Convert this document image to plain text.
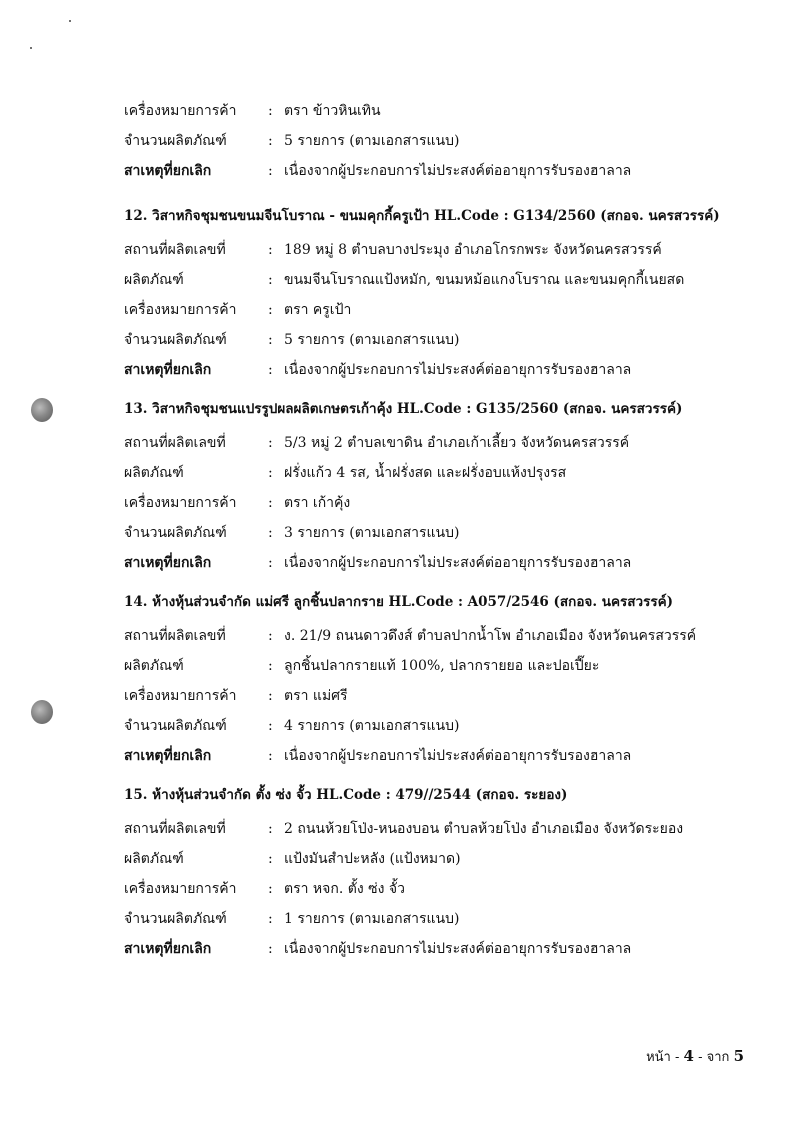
เครื่องหมายการค้า	: ตรา ข้าวหินเทิน
จำนวนผลิตภัณฑ์	: 5 รายการ (ตามเอกสารแนบ)
สาเหตุที่ยกเลิก	: เนื่องจากผู้ประกอบการไม่ประสงค์ต่ออายุการรับรองฮาลาล
12. วิสาหกิจชุมชนขนมจีนโบราณ - ขนมคุกกี้ครูเป้า HL.Code : G134/2560 (สกอจ. นครสวรรค์)
สถานที่ผลิตเลขที่	: 189 หมู่ 8 ตำบลบางประมุง อำเภอโกรกพระ จังหวัดนครสวรรค์
ผลิตภัณฑ์	: ขนมจีนโบราณแป้งหมัก, ขนมหม้อแกงโบราณ และขนมคุกกี้เนยสด
เครื่องหมายการค้า	: ตรา ครูเป้า
จำนวนผลิตภัณฑ์	: 5 รายการ (ตามเอกสารแนบ)
สาเหตุที่ยกเลิก	: เนื่องจากผู้ประกอบการไม่ประสงค์ต่ออายุการรับรองฮาลาล
13. วิสาหกิจชุมชนแปรรูปผลผลิตเกษตรเก้าคุ้ง HL.Code : G135/2560 (สกอจ. นครสวรรค์)
สถานที่ผลิตเลขที่	: 5/3 หมู่ 2 ตำบลเขาดิน อำเภอเก้าเลี้ยว จังหวัดนครสวรรค์
ผลิตภัณฑ์	: ฝรั่งแก้ว 4 รส, น้ำฝรั่งสด และฝรั่งอบแห้งปรุงรส
เครื่องหมายการค้า	: ตรา เก้าคุ้ง
จำนวนผลิตภัณฑ์	: 3 รายการ (ตามเอกสารแนบ)
สาเหตุที่ยกเลิก	: เนื่องจากผู้ประกอบการไม่ประสงค์ต่ออายุการรับรองฮาลาล
14. ห้างหุ้นส่วนจำกัด แม่ศรี ลูกชิ้นปลากราย HL.Code : A057/2546 (สกอจ. นครสวรรค์)
สถานที่ผลิตเลขที่	: ง. 21/9 ถนนดาวดึงส์ ตำบลปากน้ำโพ อำเภอเมือง จังหวัดนครสวรรค์
ผลิตภัณฑ์	: ลูกชิ้นปลากรายแท้ 100%, ปลากรายยอ และปอเปี๊ยะ
เครื่องหมายการค้า	: ตรา แม่ศรี
จำนวนผลิตภัณฑ์	: 4 รายการ (ตามเอกสารแนบ)
สาเหตุที่ยกเลิก	: เนื่องจากผู้ประกอบการไม่ประสงค์ต่ออายุการรับรองฮาลาล
15. ห้างหุ้นส่วนจำกัด ตั้ง ซ่ง จั้ว HL.Code : 479//2544 (สกอจ. ระยอง)
สถานที่ผลิตเลขที่	: 2 ถนนห้วยโป่ง-หนองบอน ตำบลห้วยโป่ง อำเภอเมือง จังหวัดระยอง
ผลิตภัณฑ์	: แป้งมันสำปะหลัง (แป้งหมาด)
เครื่องหมายการค้า	: ตรา หจก. ตั้ง ซ่ง จั้ว
จำนวนผลิตภัณฑ์	: 1 รายการ (ตามเอกสารแนบ)
สาเหตุที่ยกเลิก	: เนื่องจากผู้ประกอบการไม่ประสงค์ต่ออายุการรับรองฮาลาล
หน้า - 4 - จาก 5
